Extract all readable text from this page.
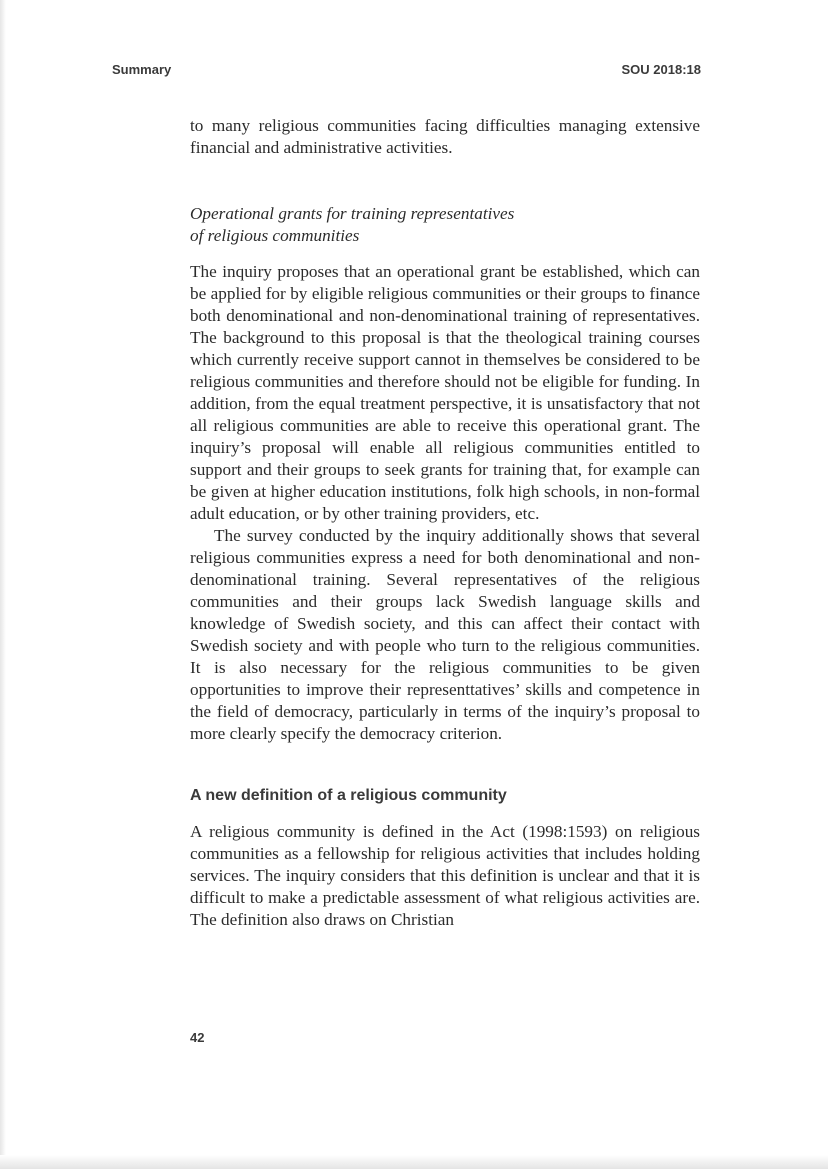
Summary	SOU 2018:18

to many religious communities facing difficulties managing extensive financial and administrative activities.

Operational grants for training representatives
of religious communities

The inquiry proposes that an operational grant be established, which can be applied for by eligible religious communities or their groups to finance both denominational and non-denominational training of representatives. The background to this proposal is that the theological training courses which currently receive support cannot in themselves be considered to be religious communities and therefore should not be eligible for funding. In addition, from the equal treatment perspective, it is unsatisfactory that not all religious communities are able to receive this operational grant. The inquiry’s proposal will enable all religious communities entitled to support and their groups to seek grants for training that, for example can be given at higher education institutions, folk high schools, in non-formal adult education, or by other training providers, etc.

The survey conducted by the inquiry additionally shows that several religious communities express a need for both denominational and non-denominational training. Several representatives of the religious communities and their groups lack Swedish language skills and knowledge of Swedish society, and this can affect their contact with Swedish society and with people who turn to the religious communities. It is also necessary for the religious communities to be given opportunities to improve their representtatives’ skills and competence in the field of democracy, particularly in terms of the inquiry’s proposal to more clearly specify the democracy criterion.

A new definition of a religious community

A religious community is defined in the Act (1998:1593) on religious communities as a fellowship for religious activities that includes holding services. The inquiry considers that this definition is unclear and that it is difficult to make a predictable assessment of what religious activities are. The definition also draws on Christian

42
